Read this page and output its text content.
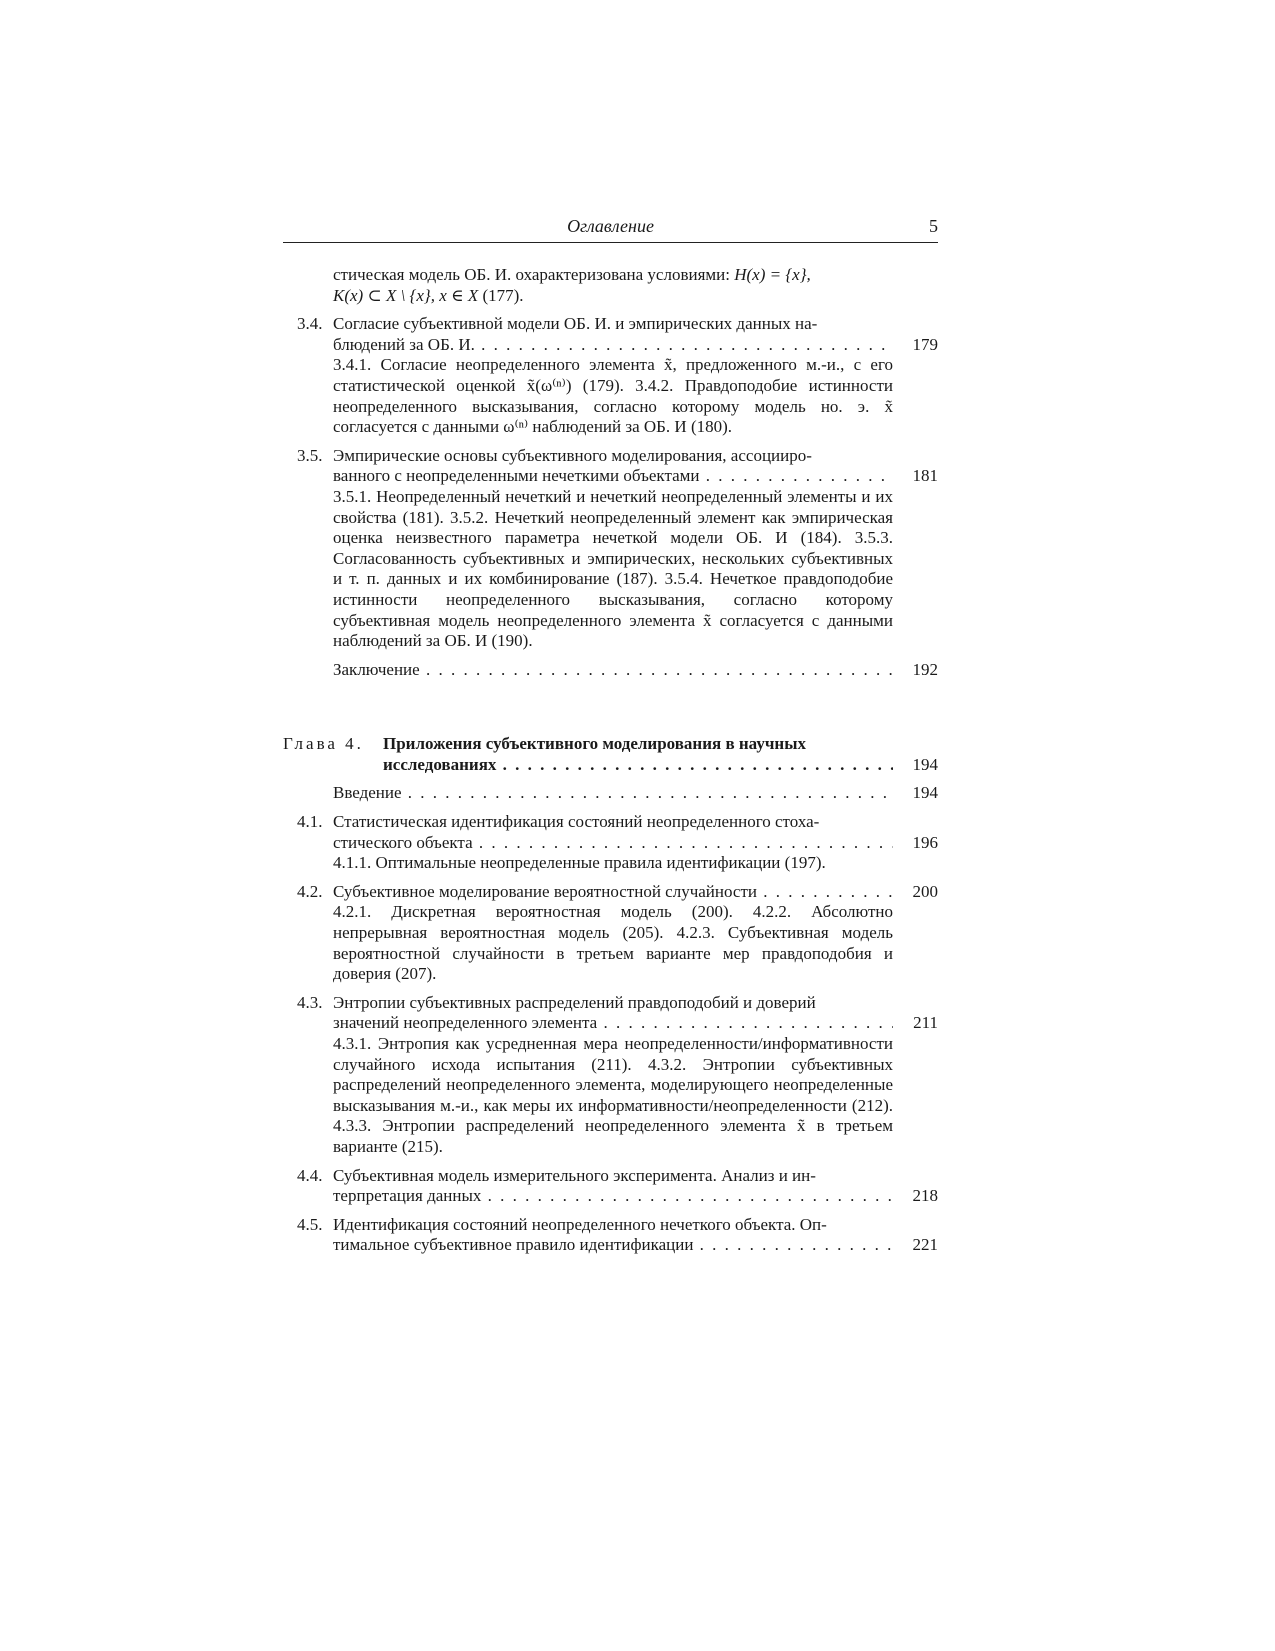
Оглавление	5
стическая модель ОБ. И. охарактеризована условиями: H(x) = {x},
K(x) ⊂ X \ {x}, x ∈ X (177).
3.4. Согласие субъективной модели ОБ. И. и эмпирических данных на-
блюдений за ОБ. И. . . .	179
3.4.1. Согласие неопределенного элемента x̃, предложенного м.-и., с его статистической оценкой x̃(ω⁽ⁿ⁾) (179). 3.4.2. Правдоподобие истинности неопределенного высказывания, согласно которому модель но. э. x̃ согласуется с данными ω⁽ⁿ⁾ наблюдений за ОБ. И (180).
3.5. Эмпирические основы субъективного моделирования, ассоцииро-
ванного с неопределенными нечеткими объектами . . .	181
3.5.1. Неопределенный нечеткий и нечеткий неопределенный элементы и их свойства (181). 3.5.2. Нечеткий неопределенный элемент как эмпирическая оценка неизвестного параметра нечеткой модели ОБ. И (184). 3.5.3. Согласованность субъективных и эмпирических, нескольких субъективных и т. п. данных и их комбинирование (187). 3.5.4. Нечеткое правдоподобие истинности неопределенного высказывания, согласно которому субъективная модель неопределенного элемента x̃ согласуется с данными наблюдений за ОБ. И (190).
Заключение . . .	192
Глава 4. Приложения субъективного моделирования в научных
исследованиях . . .	194
Введение . . .	194
4.1. Статистическая идентификация состояний неопределенного стоха-
стического объекта . . .	196
4.1.1. Оптимальные неопределенные правила идентификации (197).
4.2. Субъективное моделирование вероятностной случайности . . .	200
4.2.1. Дискретная вероятностная модель (200). 4.2.2. Абсолютно непрерывная вероятностная модель (205). 4.2.3. Субъективная модель вероятностной случайности в третьем варианте мер правдоподобия и доверия (207).
4.3. Энтропии субъективных распределений правдоподобий и доверий
значений неопределенного элемента . . .	211
4.3.1. Энтропия как усредненная мера неопределенности/информативности случайного исхода испытания (211). 4.3.2. Энтропии субъективных распределений неопределенного элемента, моделирующего неопределенные высказывания м.-и., как меры их информативности/неопределенности (212). 4.3.3. Энтропии распределений неопределенного элемента x̃ в третьем варианте (215).
4.4. Субъективная модель измерительного эксперимента. Анализ и ин-
терпретация данных . . .	218
4.5. Идентификация состояний неопределенного нечеткого объекта. Оп-
тимальное субъективное правило идентификации . . .	221
